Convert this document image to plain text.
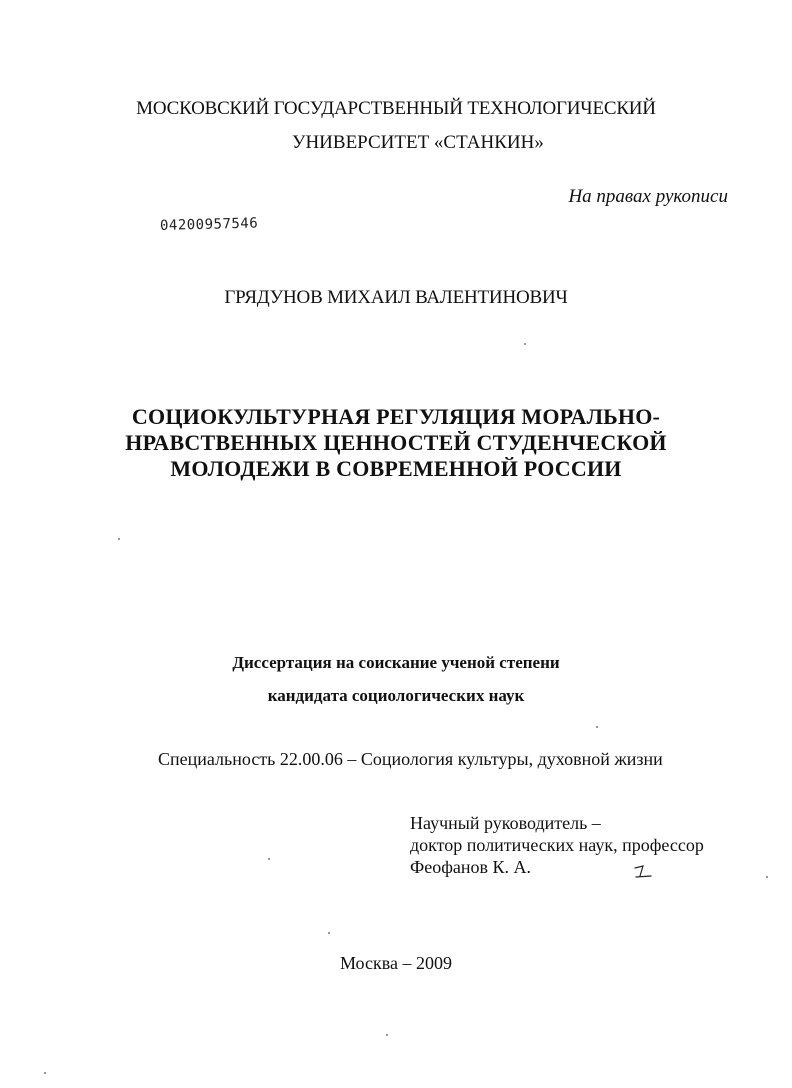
МОСКОВСКИЙ ГОСУДАРСТВЕННЫЙ ТЕХНОЛОГИЧЕСКИЙ
УНИВЕРСИТЕТ «СТАНКИН»
На правах рукописи
04200957546
ГРЯДУНОВ МИХАИЛ ВАЛЕНТИНОВИЧ
СОЦИОКУЛЬТУРНАЯ РЕГУЛЯЦИЯ МОРАЛЬНО-
НРАВСТВЕННЫХ ЦЕННОСТЕЙ СТУДЕНЧЕСКОЙ
МОЛОДЕЖИ В СОВРЕМЕННОЙ РОССИИ
Диссертация на соискание ученой степени
кандидата социологических наук
Специальность 22.00.06 – Социология культуры, духовной жизни
Научный руководитель –
доктор политических наук, профессор
Феофанов К. А.
Москва – 2009
